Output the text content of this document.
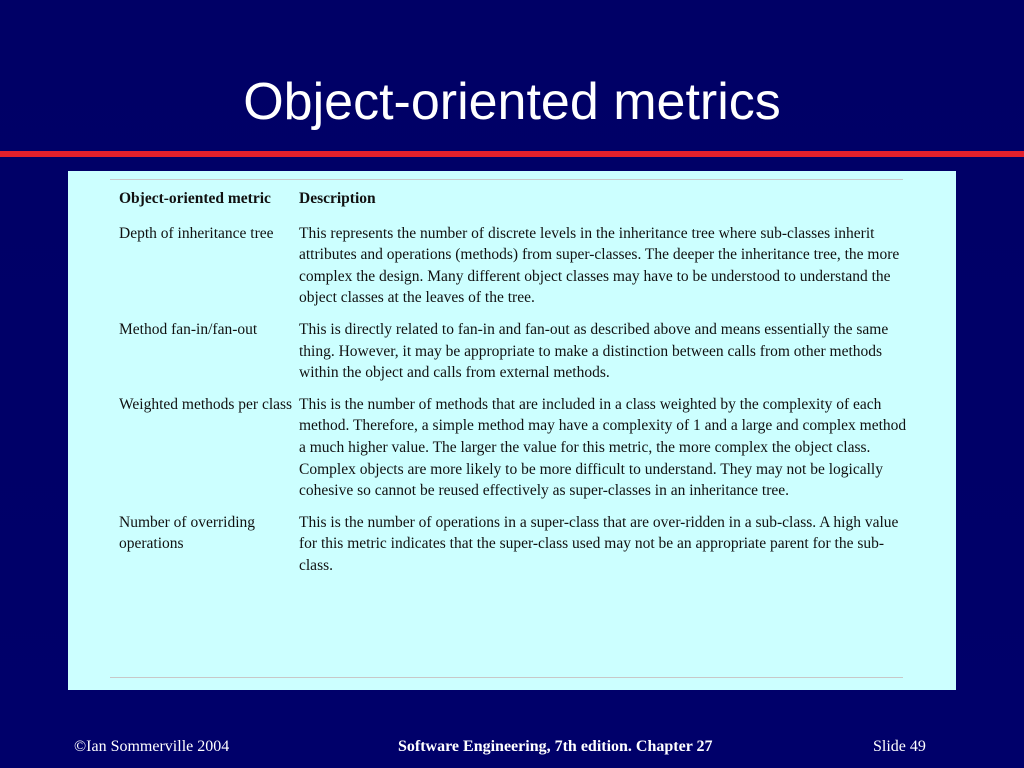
Object-oriented metrics
Object-oriented metric	Description
Depth of inheritance tree	This represents the number of discrete levels in the inheritance tree where sub-classes inherit attributes and operations (methods) from super-classes. The deeper the inheritance tree, the more complex the design. Many different object classes may have to be understood to understand the object classes at the leaves of the tree.
Method fan-in/fan-out	This is directly related to fan-in and fan-out as described above and means essentially the same thing. However, it may be appropriate to make a distinction between calls from other methods within the object and calls from external methods.
Weighted methods per class	This is the number of methods that are included in a class weighted by the complexity of each method. Therefore, a simple method may have a complexity of 1 and a large and complex method a much higher value. The larger the value for this metric, the more complex the object class. Complex objects are more likely to be more difficult to understand. They may not be logically cohesive so cannot be reused effectively as super-classes in an inheritance tree.
Number of overriding operations	This is the number of operations in a super-class that are over-ridden in a sub-class. A high value for this metric indicates that the super-class used may not be an appropriate parent for the sub-class.
©Ian Sommerville 2004	Software Engineering, 7th edition. Chapter 27	Slide 49
